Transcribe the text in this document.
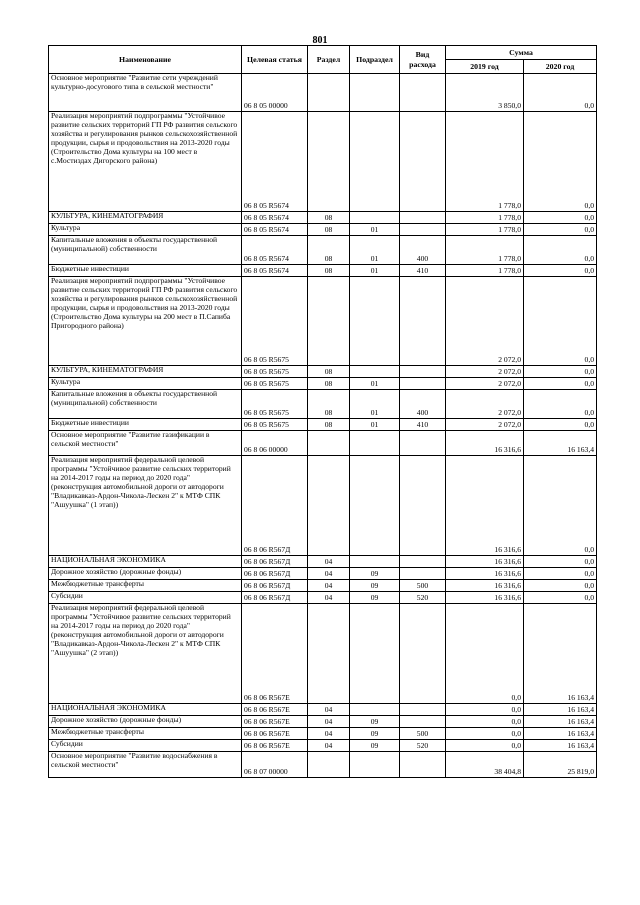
801
Наименование	Целевая статья	Раздел	Подраздел	Вид расхода	Сумма	
					2019 год	2020 год
Основное мероприятие "Развитие сети учреждений культурно-досугового типа в сельской местности"	06 8 05 00000				3 850,0	0,0
Реализация мероприятий подпрограммы "Устойчивое развитие сельских территорий ГП РФ развития сельского хозяйства и регулирования рынков сельскохозяйственной продукции, сырья и продовольствия на 2013-2020 годы (Строительство Дома культуры на 100 мест в с.Мостиздах Дигорского района)	06 8 05 R5674				1 778,0	0,0
КУЛЬТУРА, КИНЕМАТОГРАФИЯ	06 8 05 R5674	08			1 778,0	0,0
Культура	06 8 05 R5674	08	01		1 778,0	0,0
Капитальные вложения в объекты государственной (муниципальной) собственности	06 8 05 R5674	08	01	400	1 778,0	0,0
Бюджетные инвестиции	06 8 05 R5674	08	01	410	1 778,0	0,0
Реализация мероприятий подпрограммы "Устойчивое развитие сельских территорий ГП РФ развития сельского хозяйства и регулирования рынков сельскохозяйственной продукции, сырья и продовольствия на 2013-2020 годы (Строительство Дома культуры на 200 мест в П.Сапиба Пригородного района)	06 8 05 R5675				2 072,0	0,0
КУЛЬТУРА, КИНЕМАТОГРАФИЯ	06 8 05 R5675	08			2 072,0	0,0
Культура	06 8 05 R5675	08	01		2 072,0	0,0
Капитальные вложения в объекты государственной (муниципальной) собственности	06 8 05 R5675	08	01	400	2 072,0	0,0
Бюджетные инвестиции	06 8 05 R5675	08	01	410	2 072,0	0,0
Основное мероприятие "Развитие газификации в сельской местности"	06 8 06 00000				16 316,6	16 163,4
Реализация мероприятий федеральной целевой программы "Устойчивое развитие сельских территорий на 2014-2017 годы на период до 2020 года" (реконструкция автомобильной дороги от автодороги "Владикавказ-Ардон-Чикола-Лескен 2" к МТФ СПК "Ашуушка" (1 этап))	06 8 06 R567Д				16 316,6	0,0
НАЦИОНАЛЬНАЯ ЭКОНОМИКА	06 8 06 R567Д	04			16 316,6	0,0
Дорожное хозяйство (дорожные фонды)	06 8 06 R567Д	04	09		16 316,6	0,0
Межбюджетные трансферты	06 8 06 R567Д	04	09	500	16 316,6	0,0
Субсидии	06 8 06 R567Д	04	09	520	16 316,6	0,0
Реализация мероприятий федеральной целевой программы "Устойчивое развитие сельских территорий на 2014-2017 годы на период до 2020 года" (реконструкция автомобильной дороги от автодороги "Владикавказ-Ардон-Чикола-Лескен 2" к МТФ СПК "Ашуушка" (2 этап))	06 8 06 R567Е				0,0	16 163,4
НАЦИОНАЛЬНАЯ ЭКОНОМИКА	06 8 06 R567Е	04			0,0	16 163,4
Дорожное хозяйство (дорожные фонды)	06 8 06 R567Е	04	09		0,0	16 163,4
Межбюджетные трансферты	06 8 06 R567Е	04	09	500	0,0	16 163,4
Субсидии	06 8 06 R567Е	04	09	520	0,0	16 163,4
Основное мероприятие "Развитие водоснабжения в сельской местности"	06 8 07 00000				38 404,8	25 819,0
